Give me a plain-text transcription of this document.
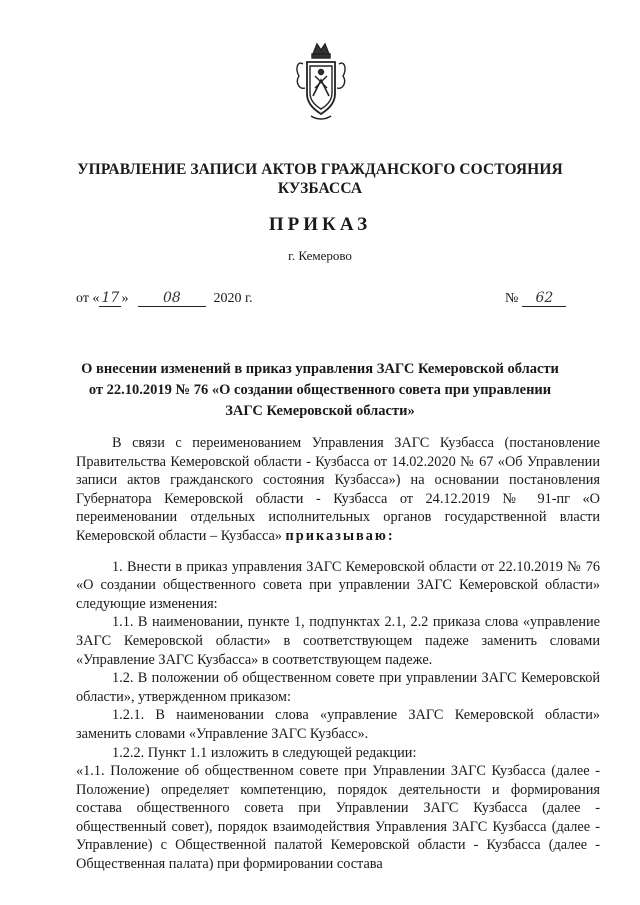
УПРАВЛЕНИЕ ЗАПИСИ АКТОВ ГРАЖДАНСКОГО СОСТОЯНИЯ
КУЗБАССА
ПРИКАЗ
г. Кемерово
от « 17 » 08 2020 г.	№ 62
О внесении изменений в приказ управления ЗАГС Кемеровской области
от 22.10.2019 № 76 «О создании общественного совета при управлении
ЗАГС Кемеровской области»

В связи с переименованием Управления ЗАГС Кузбасса (постановление Правительства Кемеровской области - Кузбасса от 14.02.2020 № 67 «Об Управлении записи актов гражданского состояния Кузбасса») на основании постановления Губернатора Кемеровской области - Кузбасса от 24.12.2019 № 91-пг «О переименовании отдельных исполнительных органов государственной власти Кемеровской области – Кузбасса» приказываю:

1. Внести в приказ управления ЗАГС Кемеровской области от 22.10.2019 № 76 «О создании общественного совета при управлении ЗАГС Кемеровской области» следующие изменения:

1.1. В наименовании, пункте 1, подпунктах 2.1, 2.2 приказа слова «управление ЗАГС Кемеровской области» в соответствующем падеже заменить словами «Управление ЗАГС Кузбасса» в соответствующем падеже.

1.2. В положении об общественном совете при управлении ЗАГС Кемеровской области», утвержденном приказом:

1.2.1. В наименовании слова «управление ЗАГС Кемеровской области» заменить словами «Управление ЗАГС Кузбасс».

1.2.2. Пункт 1.1 изложить в следующей редакции:

«1.1. Положение об общественном совете при Управлении ЗАГС Кузбасса (далее - Положение) определяет компетенцию, порядок деятельности и формирования состава общественного совета при Управлении ЗАГС Кузбасса (далее - общественный совет), порядок взаимодействия Управления ЗАГС Кузбасса (далее - Управление) с Общественной палатой Кемеровской области - Кузбасса (далее - Общественная палата) при формировании состава
